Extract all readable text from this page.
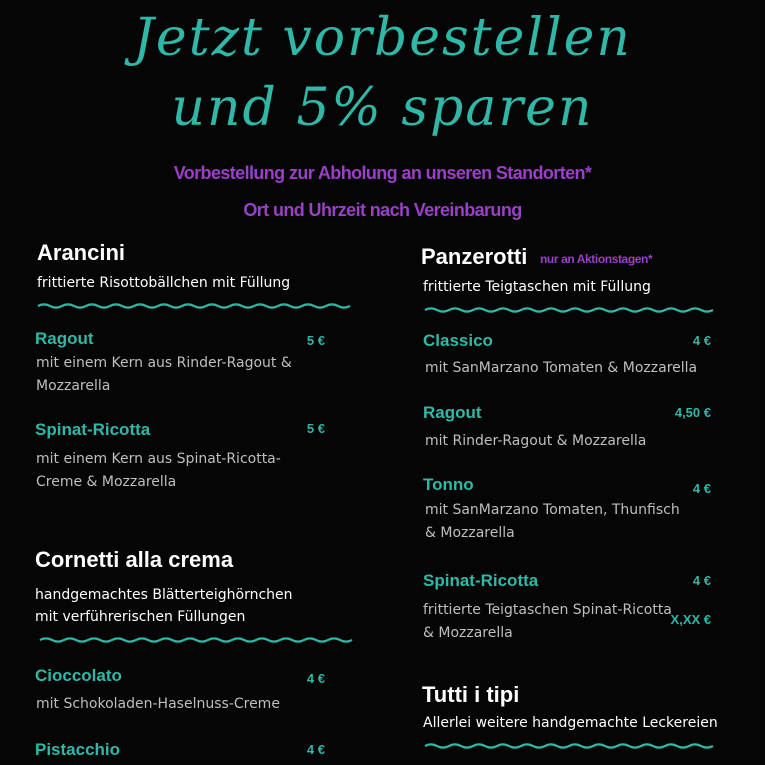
Jetzt vorbestellen
und 5% sparen
Vorbestellung zur Abholung an unseren Standorten*
Ort und Uhrzeit nach Vereinbarung
Arancini
frittierte Risottobällchen mit Füllung
Ragout	5 €
mit einem Kern aus Rinder-Ragout &
Mozzarella
Spinat-Ricotta	5 €
mit einem Kern aus Spinat-Ricotta-
Creme & Mozzarella
Cornetti alla crema
handgemachtes Blätterteighörnchen
mit verführerischen Füllungen
Cioccolato	4 €
mit Schokoladen-Haselnuss-Creme
Pistacchio	4 €
Panzerotti nur an Aktionstagen*
frittierte Teigtaschen mit Füllung
Classico	4 €
mit SanMarzano Tomaten & Mozzarella
Ragout	4,50 €
mit Rinder-Ragout & Mozzarella
Tonno	4 €
mit SanMarzano Tomaten, Thunfisch
& Mozzarella
Spinat-Ricotta	4 €
frittierte Teigtaschen Spinat-Ricotta
& Mozzarella
X,XX €
Tutti i tipi
Allerlei weitere handgemachte Leckereien
